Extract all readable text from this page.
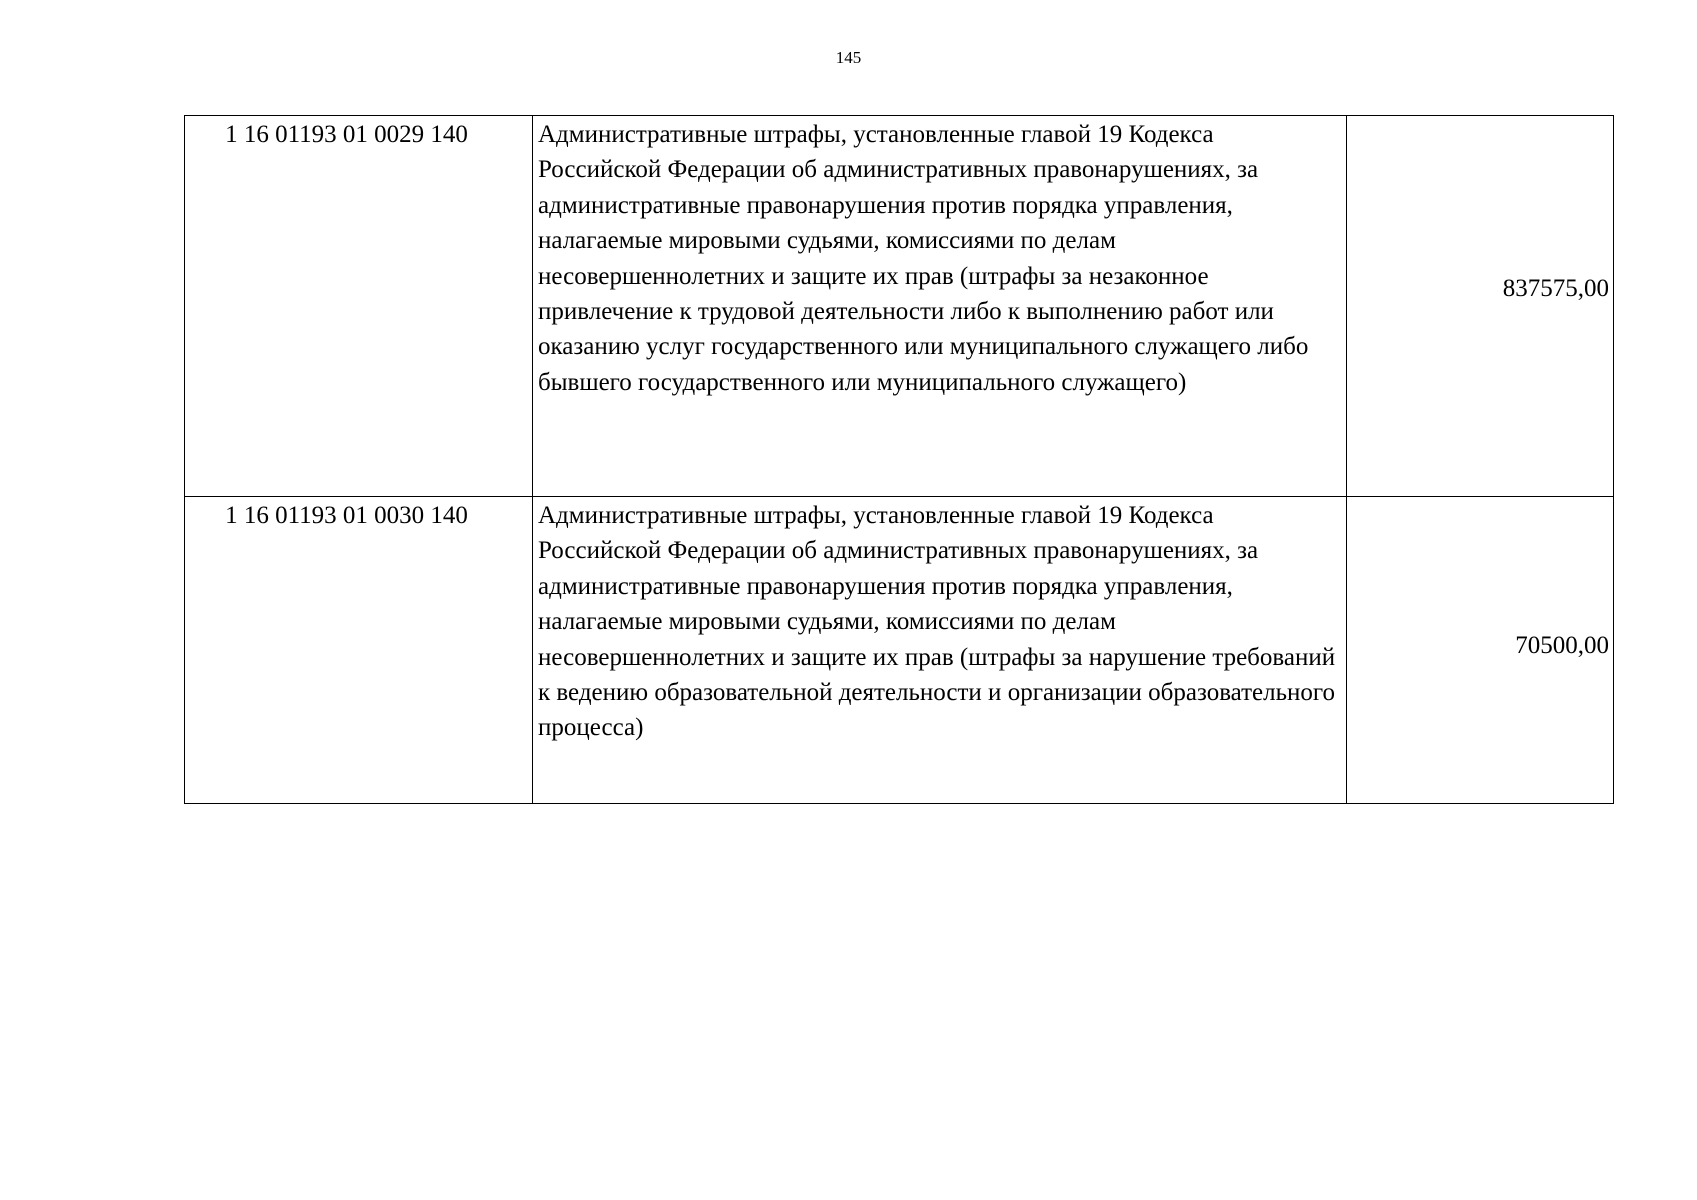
145
1 16 01193 01 0029 140	Административные штрафы, установленные главой 19 Кодекса Российской Федерации об административных правонарушениях, за административные правонарушения против порядка управления, налагаемые мировыми судьями, комиссиями по делам несовершеннолетних и защите их прав (штрафы за незаконное привлечение к трудовой деятельности либо к выполнению работ или оказанию услуг государственного или муниципального служащего либо бывшего государственного или муниципального служащего)	837575,00
1 16 01193 01 0030 140	Административные штрафы, установленные главой 19 Кодекса Российской Федерации об административных правонарушениях, за административные правонарушения против порядка управления, налагаемые мировыми судьями, комиссиями по делам несовершеннолетних и защите их прав (штрафы за нарушение требований к ведению образовательной деятельности и организации образовательного процесса)	70500,00
